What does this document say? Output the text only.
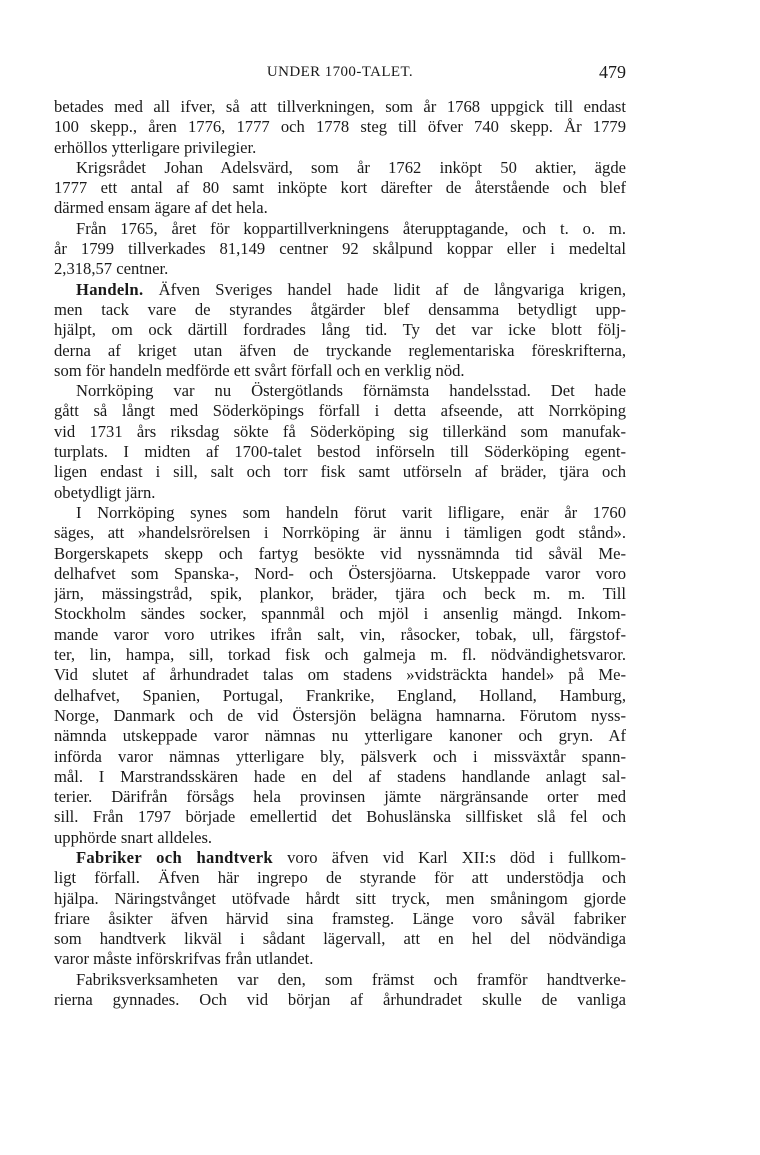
UNDER 1700-TALET.	479
betades med all ifver, så att tillverkningen, som år 1768 uppgick till endast
100 skepp., åren 1776, 1777 och 1778 steg till öfver 740 skepp. År 1779
erhöllos ytterligare privilegier.
Krigsrådet Johan Adelsvärd, som år 1762 inköpt 50 aktier, ägde
1777 ett antal af 80 samt inköpte kort därefter de återstående och blef
därmed ensam ägare af det hela.
Från 1765, året för koppartillverkningens återupptagande, och t. o. m.
år 1799 tillverkades 81,149 centner 92 skålpund koppar eller i medeltal
2,318,57 centner.
Handeln. Äfven Sveriges handel hade lidit af de långvariga krigen,
men tack vare de styrandes åtgärder blef densamma betydligt upp-
hjälpt, om ock därtill fordrades lång tid. Ty det var icke blott följ-
derna af kriget utan äfven de tryckande reglementariska föreskrifterna,
som för handeln medförde ett svårt förfall och en verklig nöd.
Norrköping var nu Östergötlands förnämsta handelsstad. Det hade
gått så långt med Söderköpings förfall i detta afseende, att Norrköping
vid 1731 års riksdag sökte få Söderköping sig tillerkänd som manufak-
turplats. I midten af 1700-talet bestod införseln till Söderköping egent-
ligen endast i sill, salt och torr fisk samt utförseln af bräder, tjära och
obetydligt järn.
I Norrköping synes som handeln förut varit lifligare, enär år 1760
säges, att »handelsrörelsen i Norrköping är ännu i tämligen godt stånd».
Borgerskapets skepp och fartyg besökte vid nyssnämnda tid såväl Me-
delhafvet som Spanska-, Nord- och Östersjöarna. Utskeppade varor voro
järn, mässingstråd, spik, plankor, bräder, tjära och beck m. m. Till
Stockholm sändes socker, spannmål och mjöl i ansenlig mängd. Inkom-
mande varor voro utrikes ifrån salt, vin, råsocker, tobak, ull, färgstof-
ter, lin, hampa, sill, torkad fisk och galmeja m. fl. nödvändighetsvaror.
Vid slutet af århundradet talas om stadens »vidsträckta handel» på Me-
delhafvet, Spanien, Portugal, Frankrike, England, Holland, Hamburg,
Norge, Danmark och de vid Östersjön belägna hamnarna. Förutom nyss-
nämnda utskeppade varor nämnas nu ytterligare kanoner och gryn. Af
införda varor nämnas ytterligare bly, pälsverk och i missväxtår spann-
mål. I Marstrandsskären hade en del af stadens handlande anlagt sal-
terier. Därifrån försågs hela provinsen jämte närgränsande orter med
sill. Från 1797 började emellertid det Bohuslänska sillfisket slå fel och
upphörde snart alldeles.
Fabriker och handtverk voro äfven vid Karl XII:s död i fullkom-
ligt förfall. Äfven här ingrepo de styrande för att understödja och
hjälpa. Näringstvånget utöfvade hårdt sitt tryck, men småningom gjorde
friare åsikter äfven härvid sina framsteg. Länge voro såväl fabriker
som handtverk likväl i sådant lägervall, att en hel del nödvändiga
varor måste införskrifvas från utlandet.
Fabriksverksamheten var den, som främst och framför handtverke-
rierna gynnades. Och vid början af århundradet skulle de vanliga
